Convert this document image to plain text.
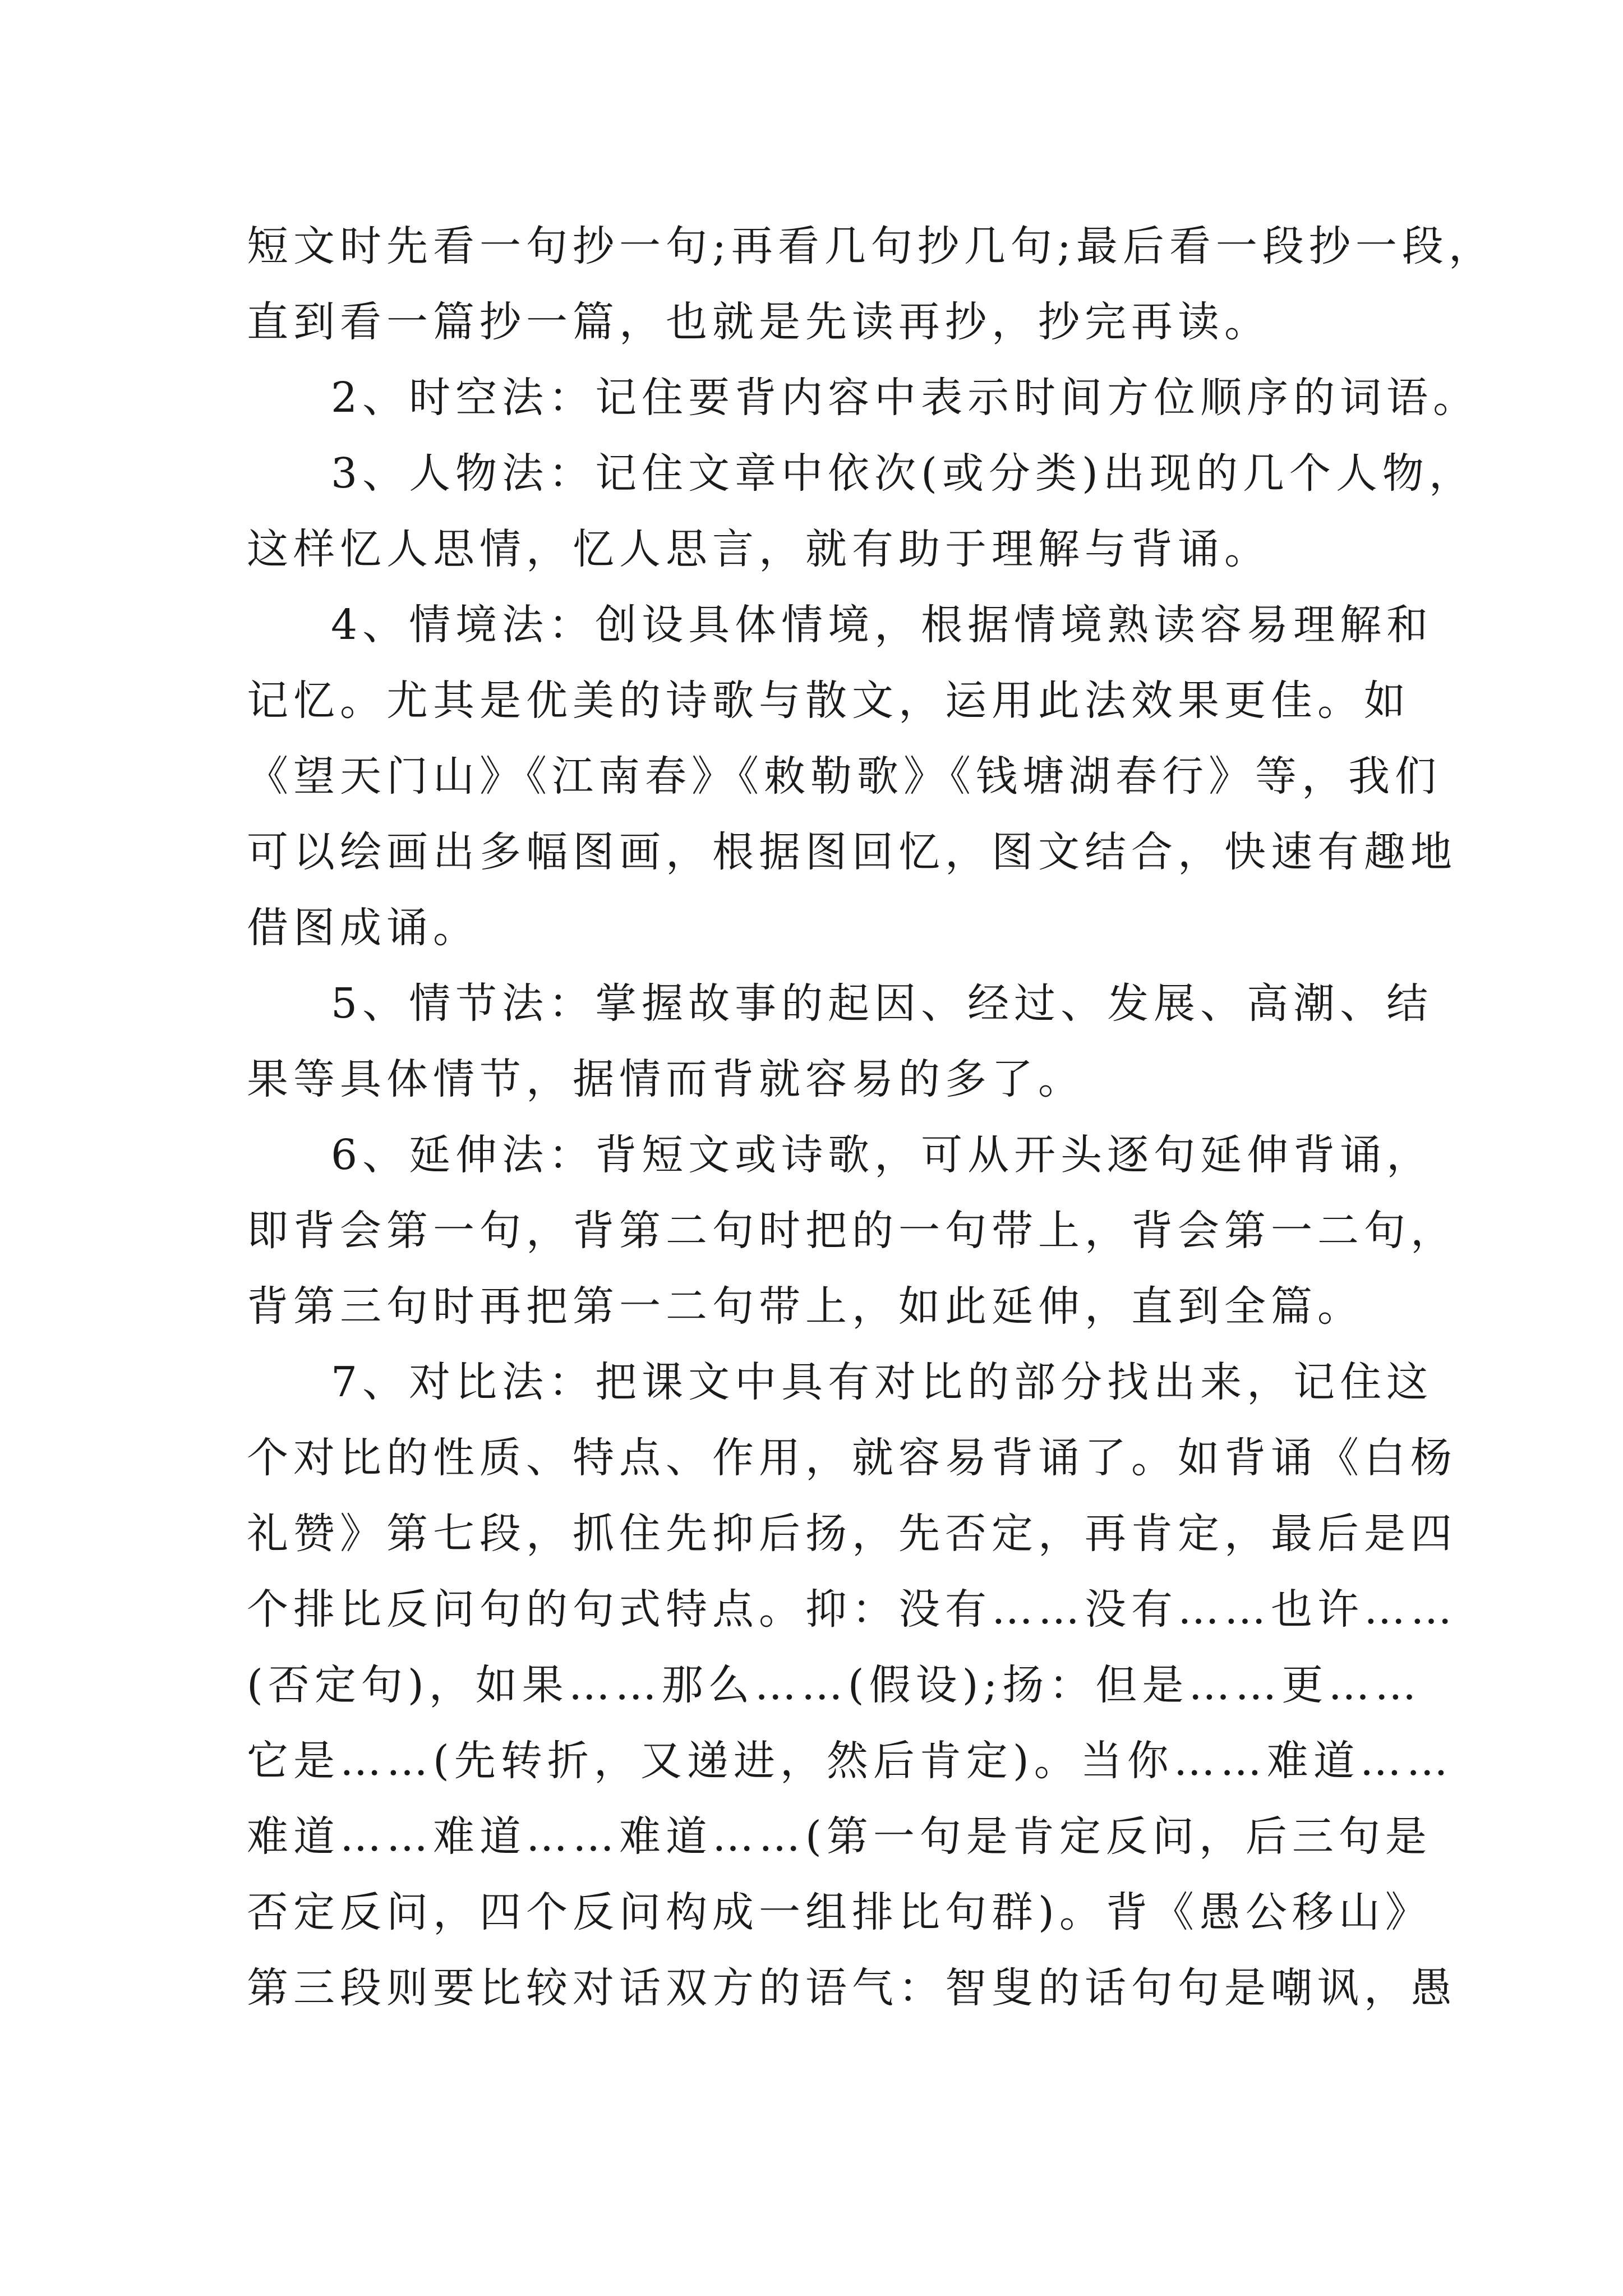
短文时先看一句抄一句;再看几句抄几句;最后看一段抄一段，
直到看一篇抄一篇，也就是先读再抄，抄完再读。
2、时空法：记住要背内容中表示时间方位顺序的词语。
3、人物法：记住文章中依次(或分类)出现的几个人物，
这样忆人思情，忆人思言，就有助于理解与背诵。
4、情境法：创设具体情境，根据情境熟读容易理解和
记忆。尤其是优美的诗歌与散文，运用此法效果更佳。如
《望天门山》《江南春》《敕勒歌》《钱塘湖春行》等，我们
可以绘画出多幅图画，根据图回忆，图文结合，快速有趣地
借图成诵。
5、情节法：掌握故事的起因、经过、发展、高潮、结
果等具体情节，据情而背就容易的多了。
6、延伸法：背短文或诗歌，可从开头逐句延伸背诵，
即背会第一句，背第二句时把的一句带上，背会第一二句，
背第三句时再把第一二句带上，如此延伸，直到全篇。
7、对比法：把课文中具有对比的部分找出来，记住这
个对比的性质、特点、作用，就容易背诵了。如背诵《白杨
礼赞》第七段，抓住先抑后扬，先否定，再肯定，最后是四
个排比反问句的句式特点。抑：没有……没有……也许……
(否定句)，如果……那么……(假设);扬：但是……更……
它是……(先转折，又递进，然后肯定)。当你……难道……
难道……难道……难道……(第一句是肯定反问，后三句是
否定反问，四个反问构成一组排比句群)。背《愚公移山》
第三段则要比较对话双方的语气：智叟的话句句是嘲讽，愚
